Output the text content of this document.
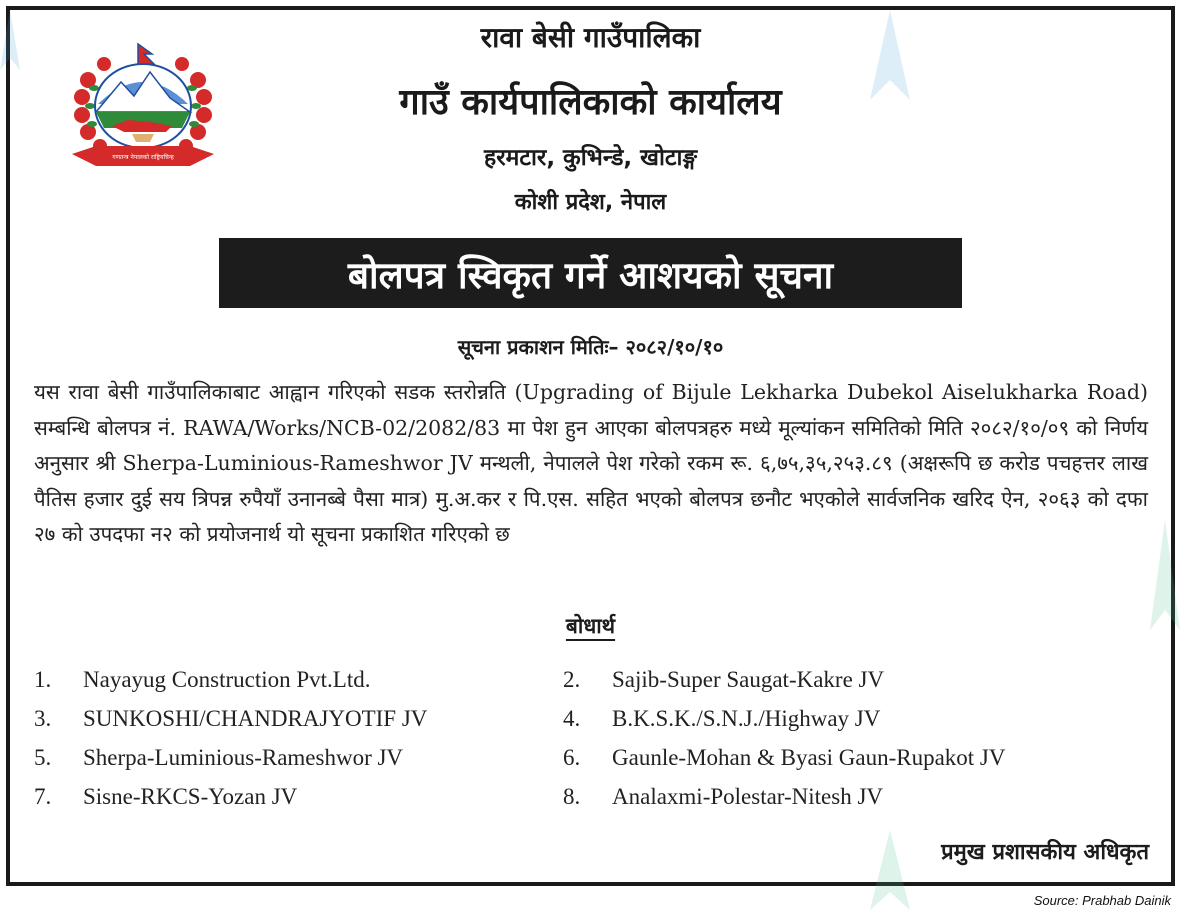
गणतन्त्र नेपालको राष्ट्रियचिन्ह
रावा बेसी गाउँपालिका
गाउँ कार्यपालिकाको कार्यालय
हरमटार, कुभिन्डे, खोटाङ्ग
कोशी प्रदेश, नेपाल
बोलपत्र स्विकृत गर्ने आशयको सूचना
सूचना प्रकाशन मितिः– २०८२/१०/१०
यस रावा बेसी गाउँपालिकाबाट आह्वान गरिएको सडक स्तरोन्नति (Upgrading of Bijule Lekharka Dubekol Aiselukharka Road) सम्बन्धि बोलपत्र नं. RAWA/Works/NCB-02/2082/83 मा पेश हुन आएका बोलपत्रहरु मध्ये मूल्यांकन समितिको मिति २०८२/१०/०९ को निर्णय अनुसार श्री Sherpa-Luminious-Rameshwor JV मन्थली, नेपालले पेश गरेको रकम रू. ६,७५,३५,२५३.८९ (अक्षरूपि छ करोड पचहत्तर लाख पैतिस हजार दुई सय त्रिपन्न रुपैयाँ उनानब्बे पैसा मात्र) मु.अ.कर र पि.एस. सहित भएको बोलपत्र छनौट भएकोले सार्वजनिक खरिद ऐन, २०६३ को दफा २७ को उपदफा न२ को प्रयोजनार्थ यो सूचना प्रकाशित गरिएको छ
बोधार्थ
1. Nayayug Construction Pvt.Ltd.	2. Sajib-Super Saugat-Kakre JV
3. SUNKOSHI/CHANDRAJYOTIF JV	4. B.K.S.K./S.N.J./Highway JV
5. Sherpa-Luminious-Rameshwor JV	6. Gaunle-Mohan & Byasi Gaun-Rupakot JV
7. Sisne-RKCS-Yozan JV	8. Analaxmi-Polestar-Nitesh JV
प्रमुख प्रशासकीय अधिकृत
Source: Prabhab Dainik
